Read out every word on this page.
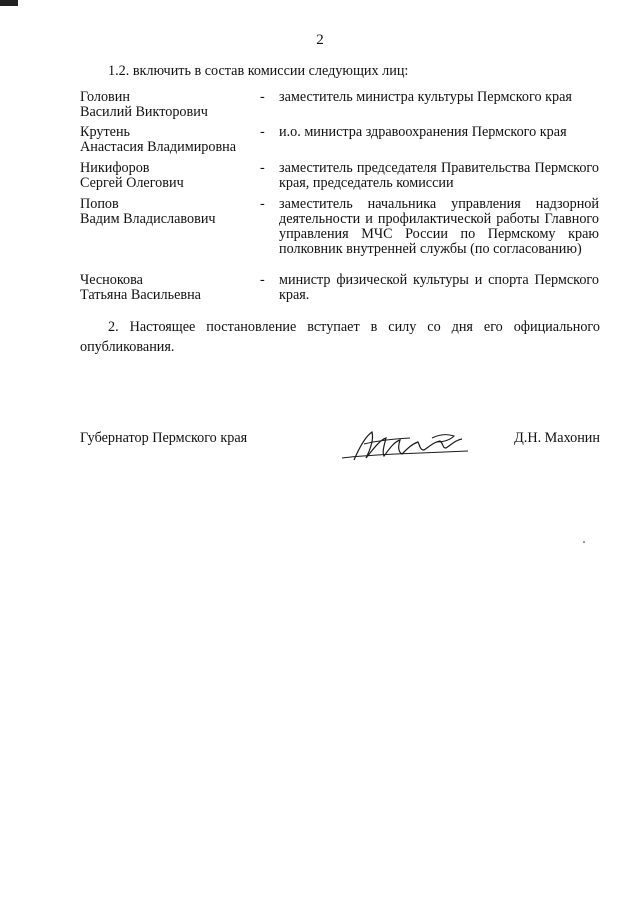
2
1.2. включить в состав комиссии следующих лиц:
Головин
Василий Викторович
-	заместитель министра культуры Пермского края
Крутень
Анастасия Владимировна
-	и.о. министра здравоохранения Пермского края
Никифоров
Сергей Олегович
-	заместитель председателя Правительства Пермского края, председатель комиссии
Попов
Вадим Владиславович
-	заместитель начальника управления надзорной деятельности и профилактической работы Главного управления МЧС России по Пермскому краю полковник внутренней службы (по согласованию)
Чеснокова
Татьяна Васильевна
-	министр физической культуры и спорта Пермского края.
2. Настоящее постановление вступает в силу со дня его официального опубликования.
Губернатор Пермского края	Д.Н. Махонин
